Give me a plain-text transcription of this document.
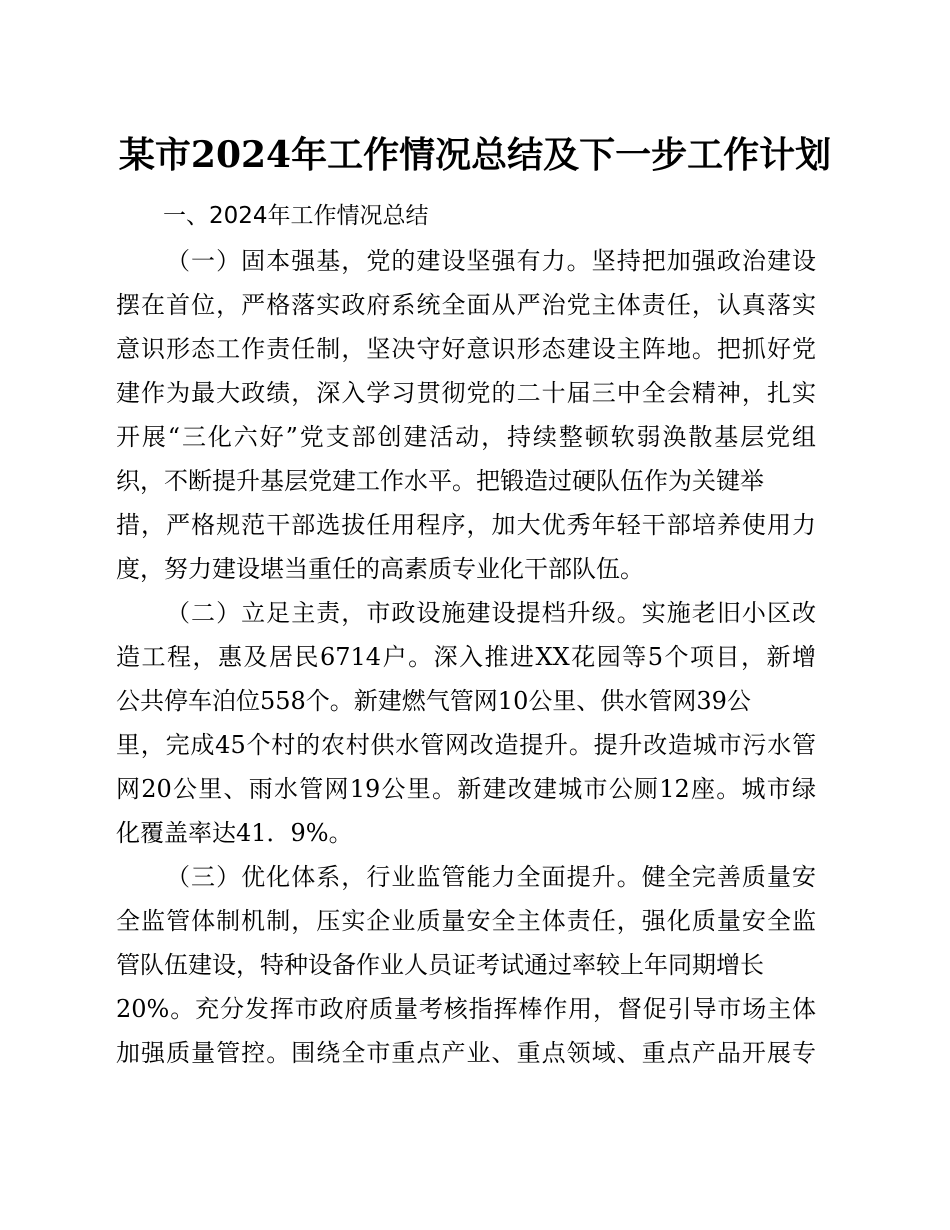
某市2024年工作情况总结及下一步工作计划
一、2024年工作情况总结
（一）固本强基，党的建设坚强有力。坚持把加强政治建设
摆在首位，严格落实政府系统全面从严治党主体责任，认真落实
意识形态工作责任制，坚决守好意识形态建设主阵地。把抓好党
建作为最大政绩，深入学习贯彻党的二十届三中全会精神，扎实
开展“三化六好”党支部创建活动，持续整顿软弱涣散基层党组
织，不断提升基层党建工作水平。把锻造过硬队伍作为关键举
措，严格规范干部选拔任用程序，加大优秀年轻干部培养使用力
度，努力建设堪当重任的高素质专业化干部队伍。
（二）立足主责，市政设施建设提档升级。实施老旧小区改
造工程，惠及居民6714户。深入推进XX花园等5个项目，新增
公共停车泊位558个。新建燃气管网10公里、供水管网39公
里，完成45个村的农村供水管网改造提升。提升改造城市污水管
网20公里、雨水管网19公里。新建改建城市公厕12座。城市绿
化覆盖率达41．9%。
（三）优化体系，行业监管能力全面提升。健全完善质量安
全监管体制机制，压实企业质量安全主体责任，强化质量安全监
管队伍建设，特种设备作业人员证考试通过率较上年同期增长
20%。充分发挥市政府质量考核指挥棒作用，督促引导市场主体
加强质量管控。围绕全市重点产业、重点领域、重点产品开展专
